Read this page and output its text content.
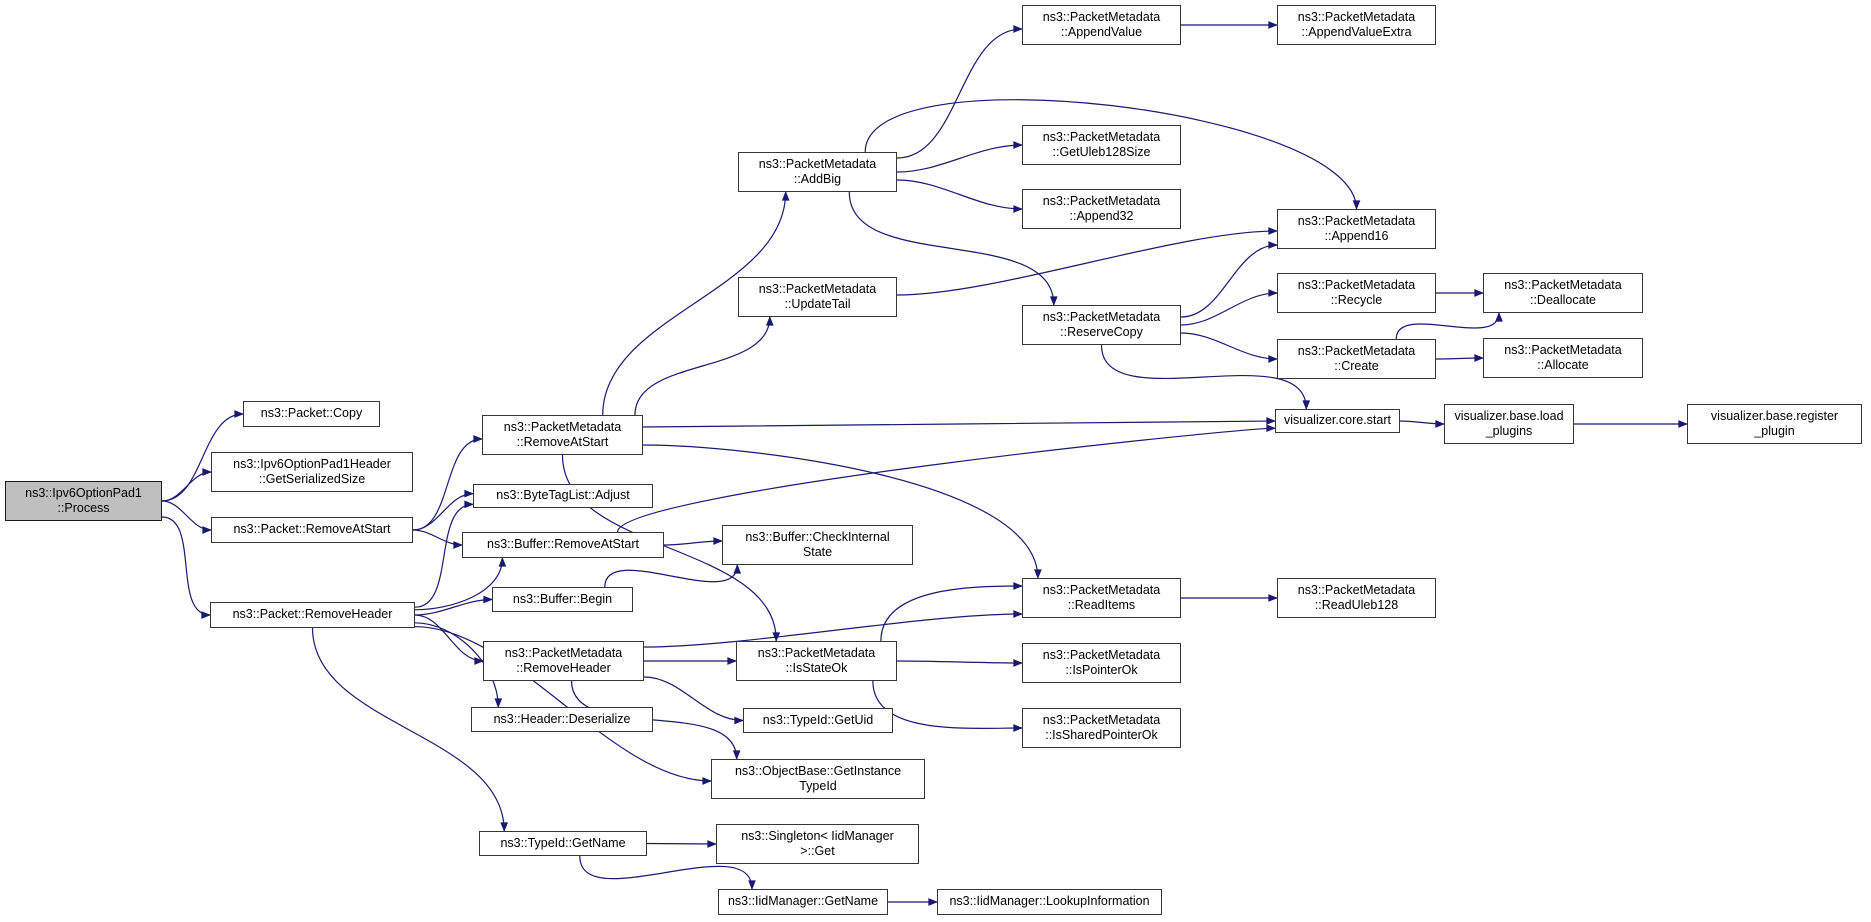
ns3::Ipv6OptionPad1
::Process
ns3::Packet::Copy
ns3::Ipv6OptionPad1Header
::GetSerializedSize
ns3::Packet::RemoveAtStart
ns3::Packet::RemoveHeader
ns3::TypeId::GetName
ns3::PacketMetadata
::RemoveAtStart
ns3::ByteTagList::Adjust
ns3::Buffer::RemoveAtStart
ns3::Buffer::Begin
ns3::PacketMetadata
::RemoveHeader
ns3::Header::Deserialize
ns3::PacketMetadata
::AddBig
ns3::PacketMetadata
::UpdateTail
ns3::Buffer::CheckInternal
State
ns3::PacketMetadata
::IsStateOk
ns3::TypeId::GetUid
ns3::ObjectBase::GetInstance
TypeId
ns3::Singleton< IidManager
>::Get
ns3::IidManager::GetName
ns3::PacketMetadata
::AppendValue
ns3::PacketMetadata
::GetUleb128Size
ns3::PacketMetadata
::Append32
ns3::PacketMetadata
::ReserveCopy
ns3::PacketMetadata
::ReadItems
ns3::PacketMetadata
::IsPointerOk
ns3::PacketMetadata
::IsSharedPointerOk
ns3::IidManager::LookupInformation
ns3::PacketMetadata
::AppendValueExtra
ns3::PacketMetadata
::Append16
ns3::PacketMetadata
::Recycle
ns3::PacketMetadata
::Create
ns3::PacketMetadata
::ReadUleb128
visualizer.core.start
ns3::PacketMetadata
::Deallocate
ns3::PacketMetadata
::Allocate
visualizer.base.load
_plugins
visualizer.base.register
_plugin
